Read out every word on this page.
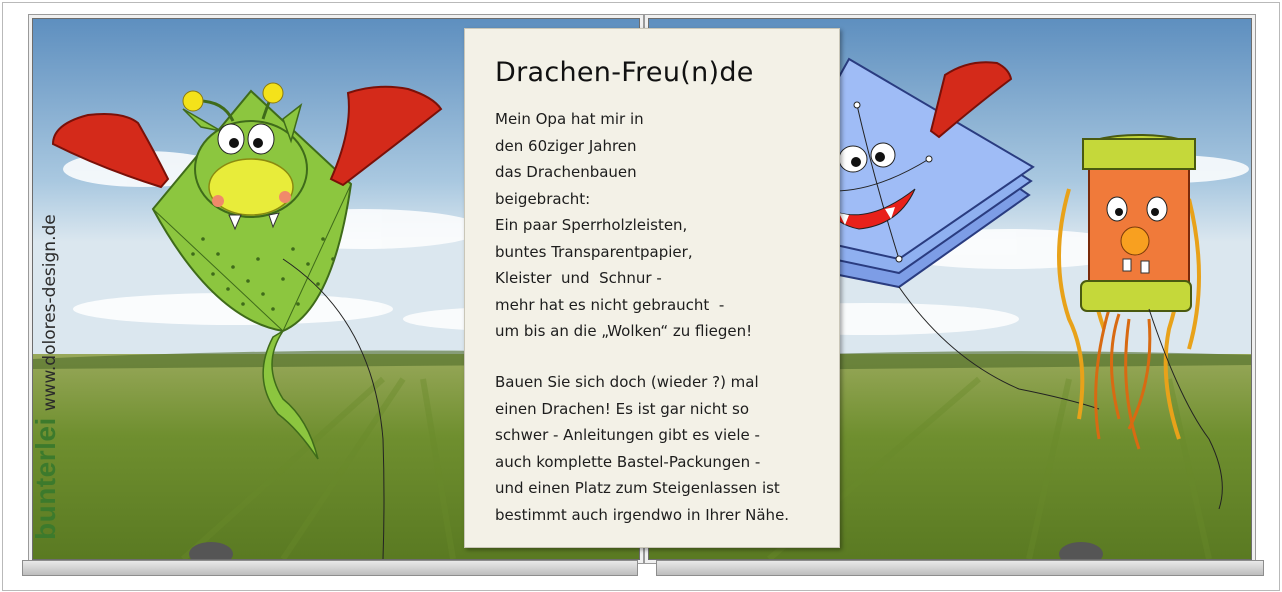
bunterlei
www.dolores-design.de
Drachen-Freu(n)de
Mein Opa hat mir in
den 60ziger Jahren
das Drachenbauen
beigebracht:
Ein paar Sperrholzleisten,
buntes Transparentpapier,
Kleister  und  Schnur -
mehr hat es nicht gebraucht  -
um bis an die „Wolken“ zu fliegen!
Bauen Sie sich doch (wieder ?) mal
einen Drachen! Es ist gar nicht so
schwer - Anleitungen gibt es viele -
auch komplette Bastel-Packungen -
und einen Platz zum Steigenlassen ist
bestimmt auch irgendwo in Ihrer Nähe.
